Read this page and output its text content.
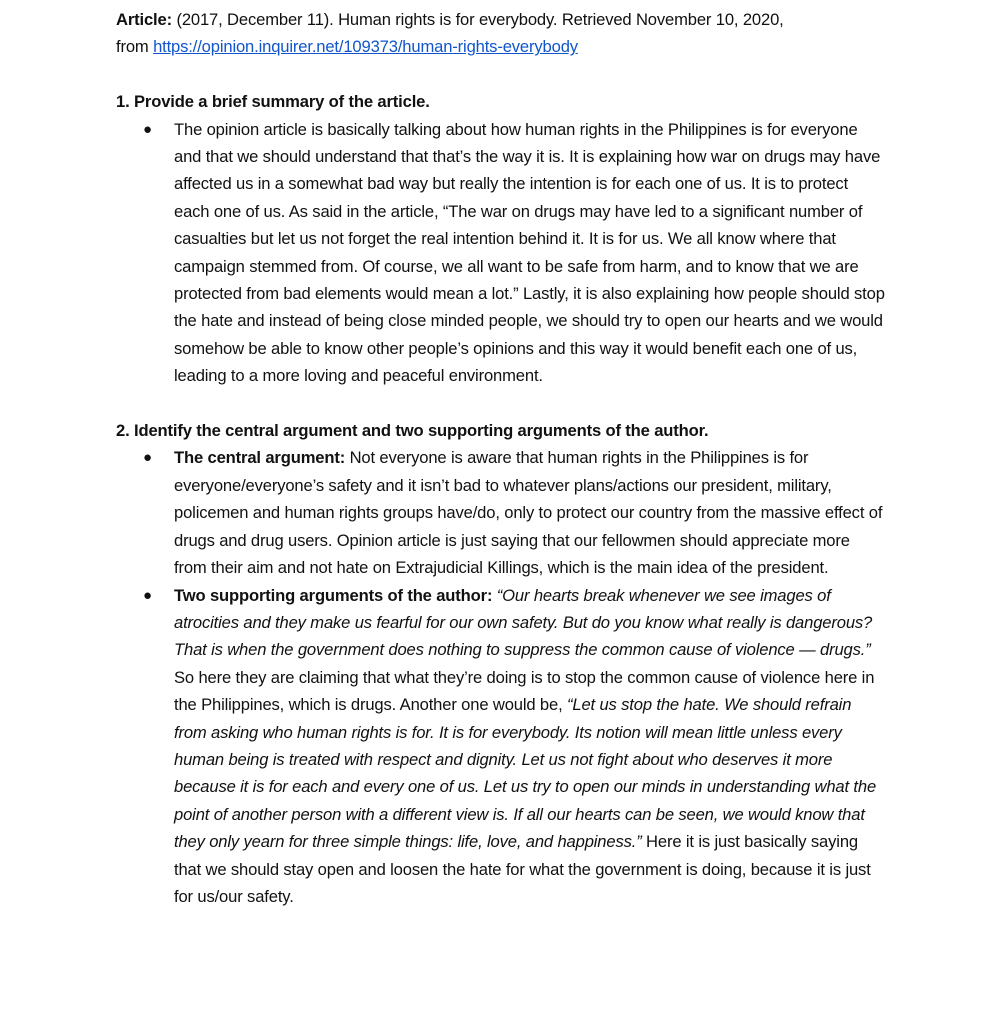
Article: (2017, December 11). Human rights is for everybody. Retrieved November 10, 2020,

from https://opinion.inquirer.net/109373/human-rights-everybody

1. Provide a brief summary of the article.

● The opinion article is basically talking about how human rights in the Philippines is for everyone and that we should understand that that’s the way it is. It is explaining how war on drugs may have affected us in a somewhat bad way but really the intention is for each one of us. It is to protect each one of us. As said in the article, “The war on drugs may have led to a significant number of casualties but let us not forget the real intention behind it. It is for us. We all know where that campaign stemmed from. Of course, we all want to be safe from harm, and to know that we are protected from bad elements would mean a lot.” Lastly, it is also explaining how people should stop the hate and instead of being close minded people, we should try to open our hearts and we would somehow be able to know other people’s opinions and this way it would benefit each one of us, leading to a more loving and peaceful environment.

2. Identify the central argument and two supporting arguments of the author.

● The central argument: Not everyone is aware that human rights in the Philippines is for everyone/everyone’s safety and it isn’t bad to whatever plans/actions our president, military, policemen and human rights groups have/do, only to protect our country from the massive effect of drugs and drug users. Opinion article is just saying that our fellowmen should appreciate more from their aim and not hate on Extrajudicial Killings, which is the main idea of the president.
● Two supporting arguments of the author: “Our hearts break whenever we see images of atrocities and they make us fearful for our own safety. But do you know what really is dangerous? That is when the government does nothing to suppress the common cause of violence — drugs.” So here they are claiming that what they’re doing is to stop the common cause of violence here in the Philippines, which is drugs. Another one would be, “Let us stop the hate. We should refrain from asking who human rights is for. It is for everybody. Its notion will mean little unless every human being is treated with respect and dignity. Let us not fight about who deserves it more because it is for each and every one of us. Let us try to open our minds in understanding what the point of another person with a different view is. If all our hearts can be seen, we would know that they only yearn for three simple things: life, love, and happiness.” Here it is just basically saying that we should stay open and loosen the hate for what the government is doing, because it is just for us/our safety.
